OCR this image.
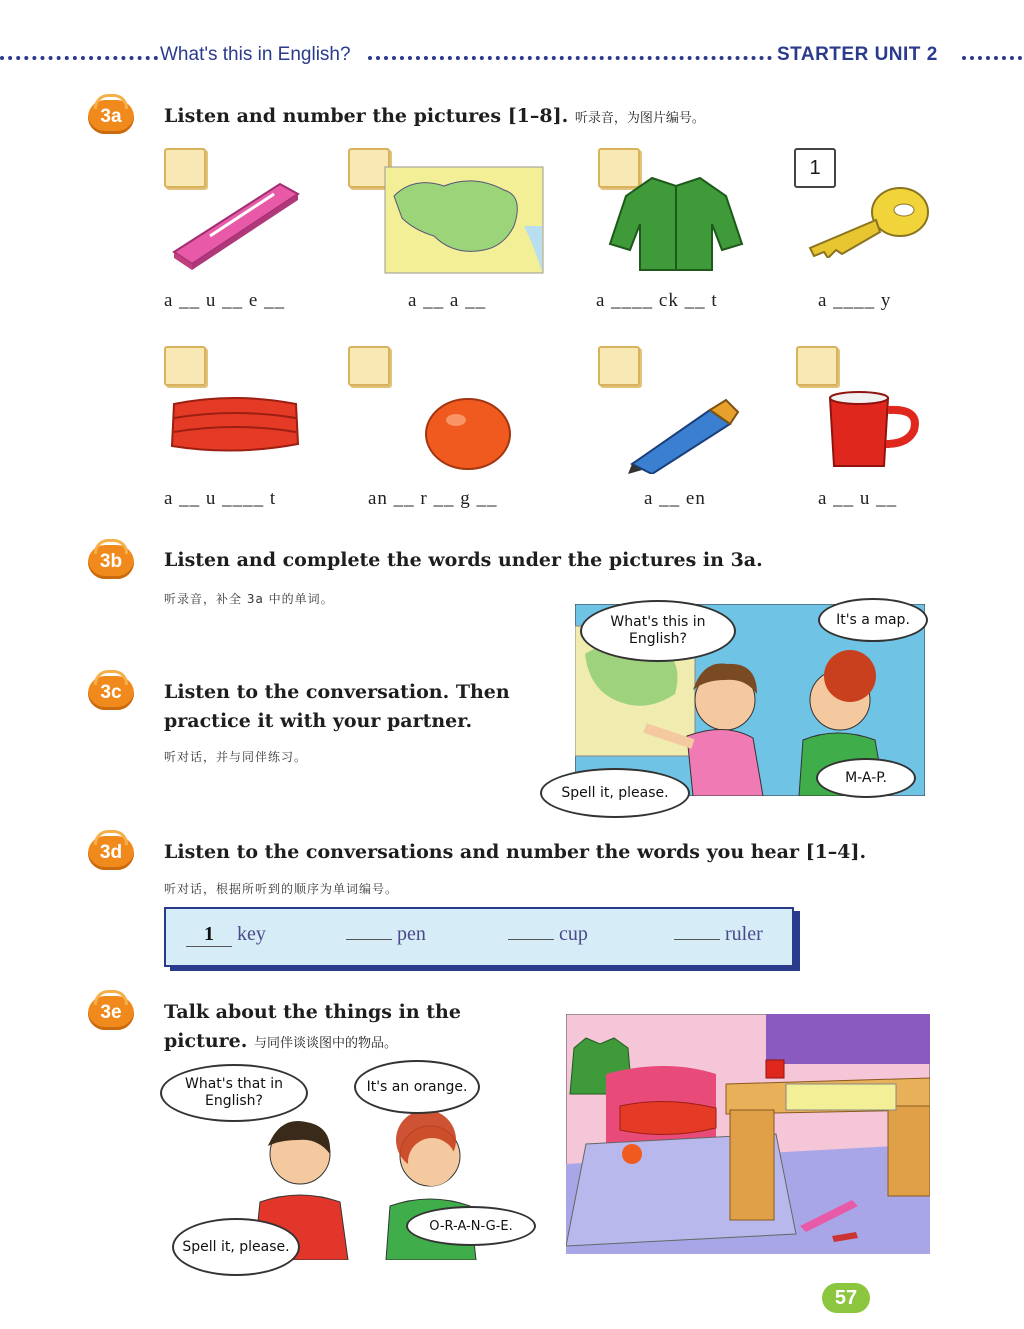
What's this in English?	STARTER UNIT 2
3a	Listen and number the pictures [1–8]. 听录音，为图片编号。
1
a __ u __ e __	a __ a __	a ____ ck __ t	a ____ y
a __ u ____ t	an __ r __ g __	a __ en	a __ u __
3b	Listen and complete the words under the pictures in 3a.
听录音，补全 3a 中的单词。
3c	Listen to the conversation. Then
practice it with your partner.
听对话，并与同伴练习。
What's this in English?
It's a map.
Spell it, please.
M-A-P.
3d	Listen to the conversations and number the words you hear [1–4].
听对话，根据所听到的顺序为单词编号。
1 key	pen	cup	ruler
3e	Talk about the things in the
picture. 与同伴谈谈图中的物品。
What's that in English?
It's an orange.
Spell it, please.
O-R-A-N-G-E.
57
